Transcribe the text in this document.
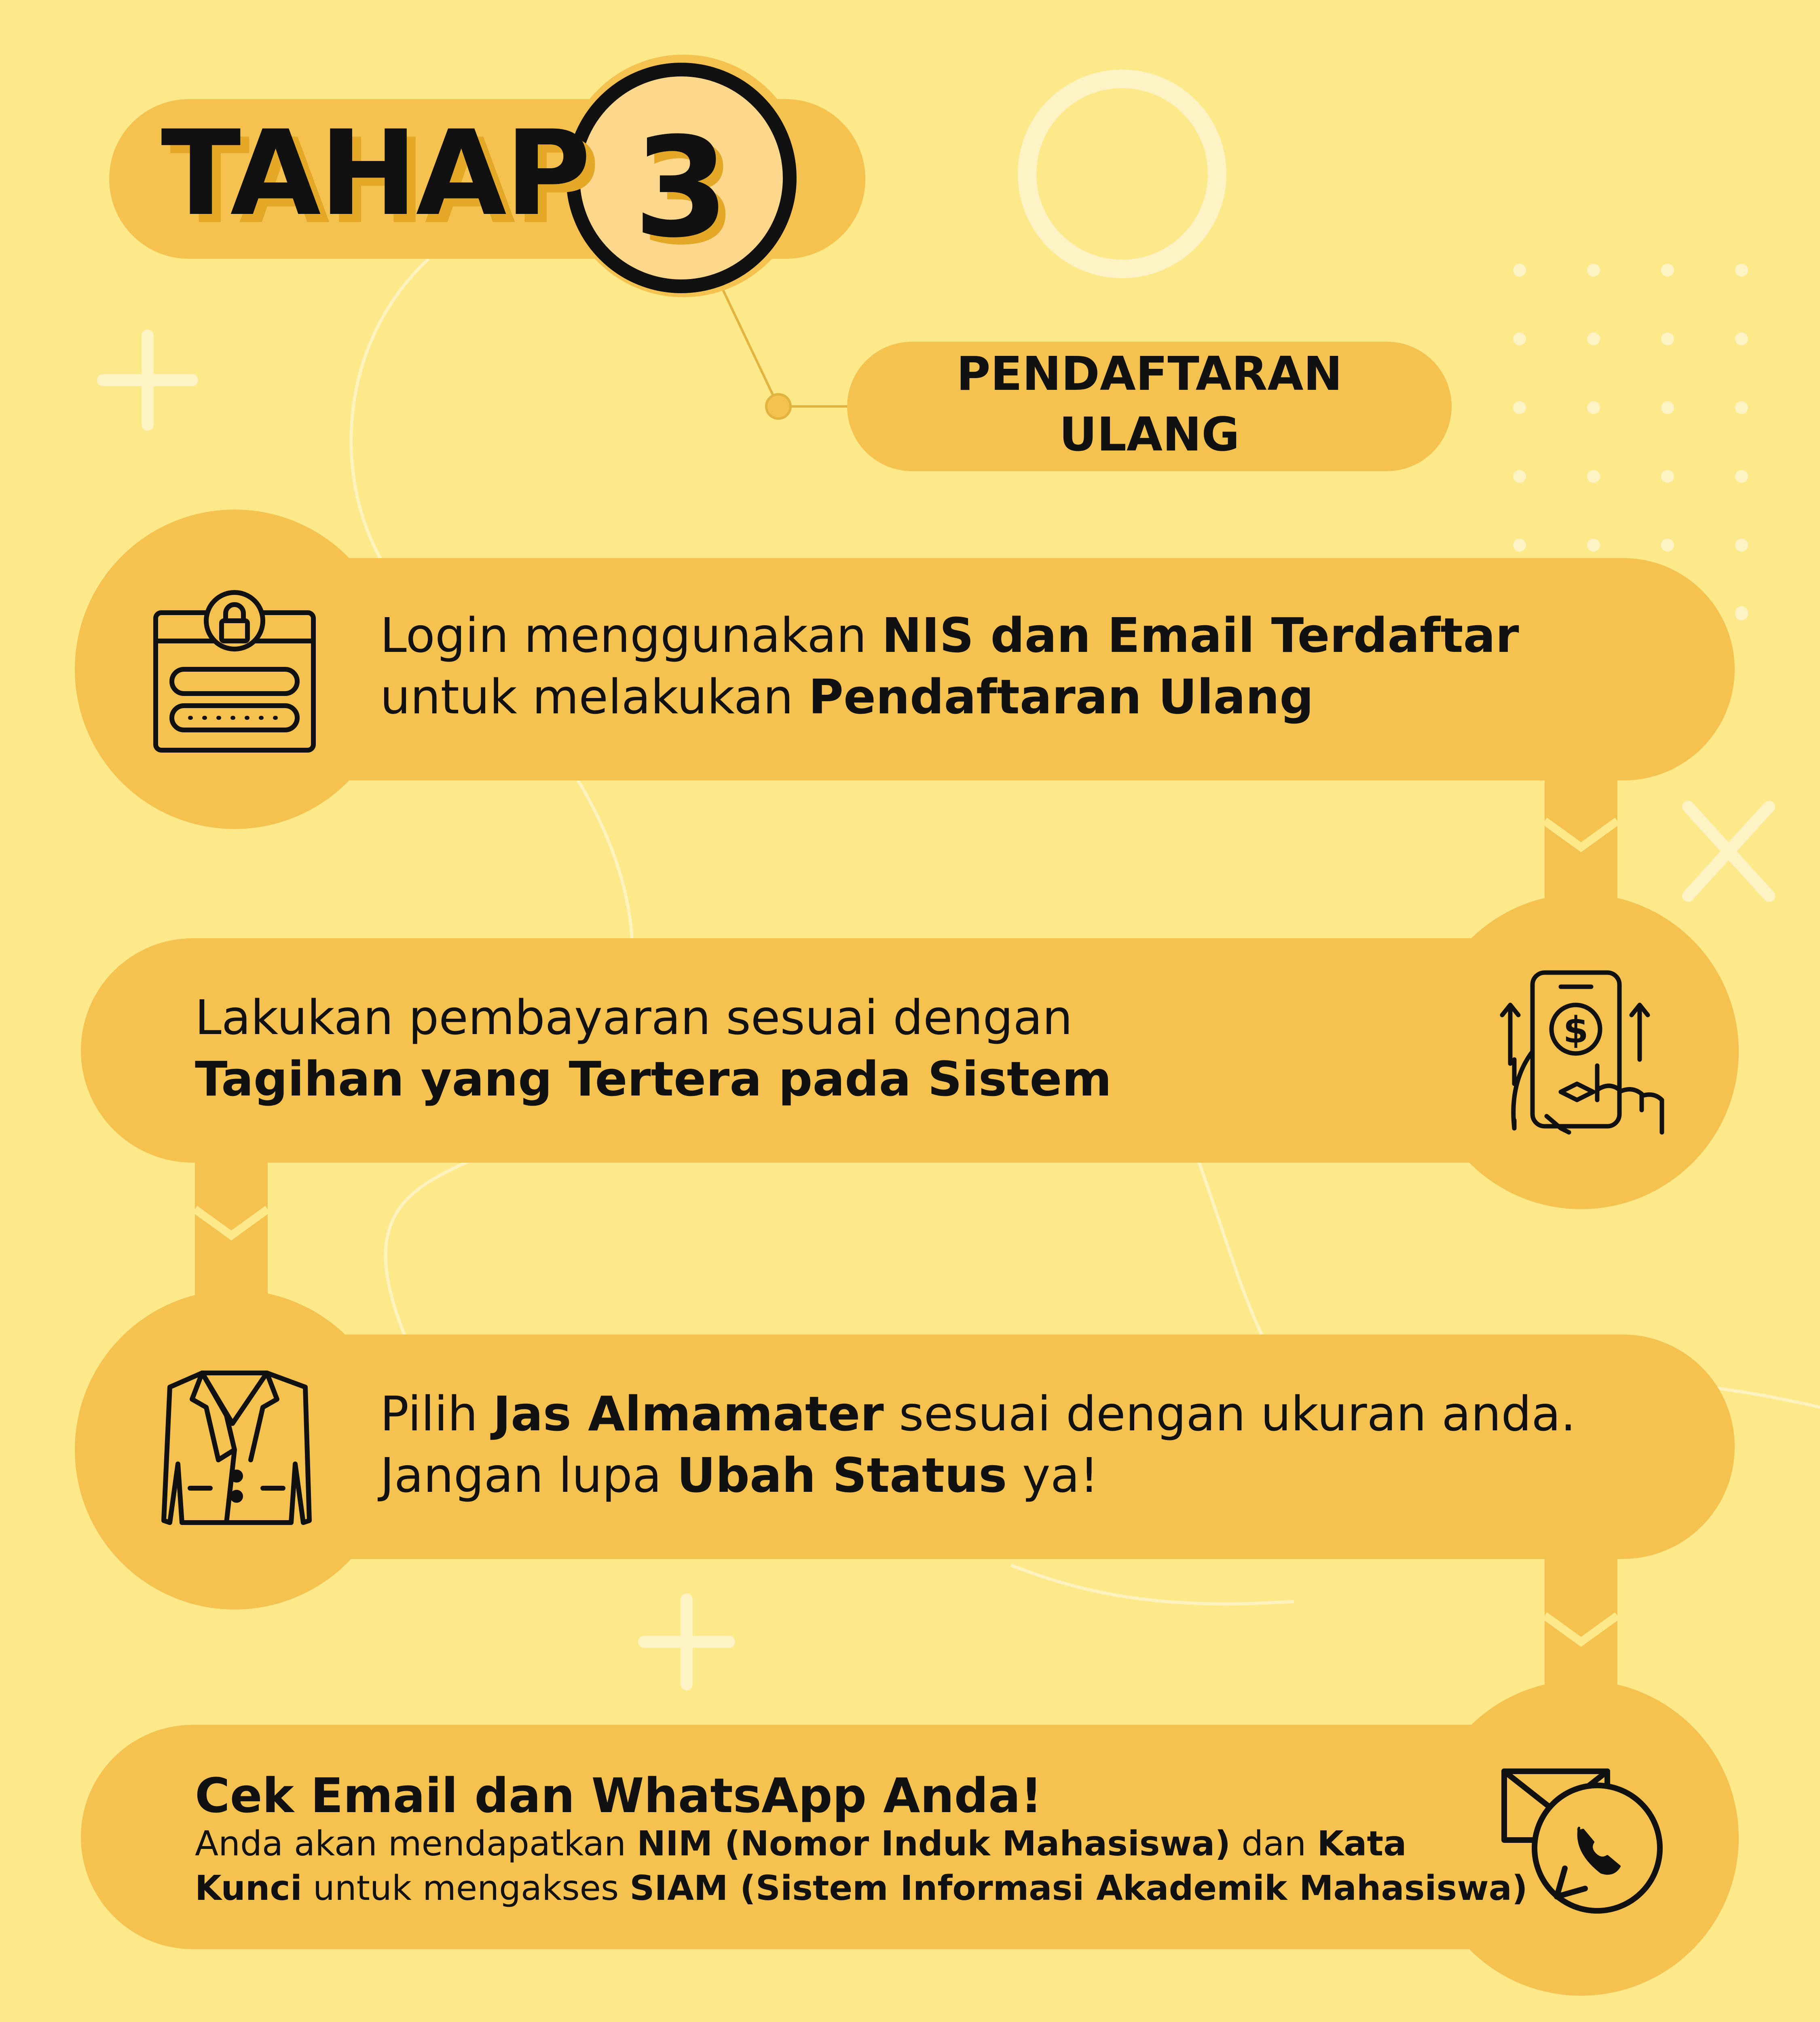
$
TAHAP 3
PENDAFTARAN
ULANG
Login menggunakan NIS dan Email Terdaftar
untuk melakukan Pendaftaran Ulang
Lakukan pembayaran sesuai dengan
Tagihan yang Tertera pada Sistem
Pilih Jas Almamater sesuai dengan ukuran anda.
Jangan lupa Ubah Status ya!
Cek Email dan WhatsApp Anda!
Anda akan mendapatkan NIM (Nomor Induk Mahasiswa) dan Kata
Kunci untuk mengakses SIAM (Sistem Informasi Akademik Mahasiswa)
